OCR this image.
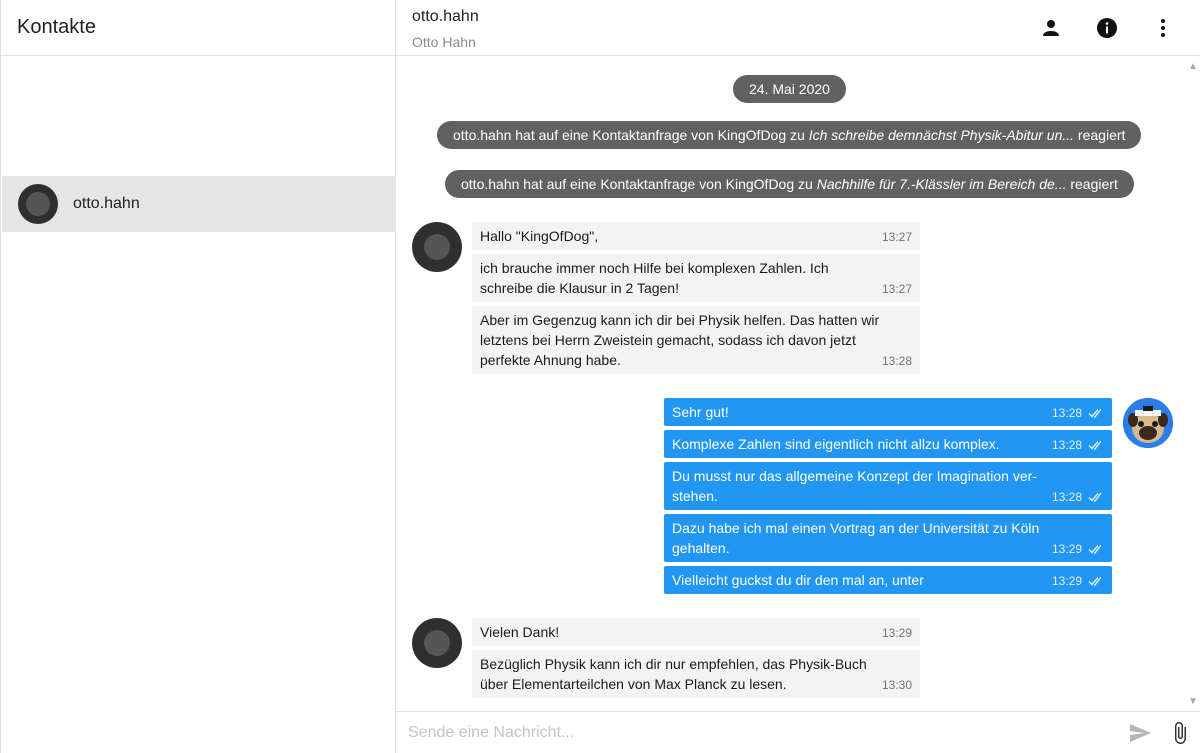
Kontakte
otto.hahn
otto.hahn
Otto Hahn
▲
▼
24. Mai 2020
otto.hahn hat auf eine Kontaktanfrage von KingOfDog zu Ich schreibe demnächst Physik-Abitur un... reagiert
otto.hahn hat auf eine Kontaktanfrage von KingOfDog zu Nachhilfe für 7.-Klässler im Bereich de... reagiert
Hallo "KingOfDog",	13:27
ich brauche immer noch Hilfe bei komplexen Zahlen. Ich schreibe die Klausur in 2 Tagen!	13:27
Aber im Gegenzug kann ich dir bei Physik helfen. Das hatten wir letztens bei Herrn Zweistein gemacht, sodass ich davon jetzt perfekte Ahnung habe.	13:28
Sehr gut!	13:28
Komplexe Zahlen sind eigentlich nicht allzu komplex.	13:28
Du musst nur das allgemeine Konzept der Imagination ver-stehen.	13:28
Dazu habe ich mal einen Vortrag an der Universität zu Köln gehalten.	13:29
Vielleicht guckst du dir den mal an, unter	13:29
Vielen Dank!	13:29
Bezüglich Physik kann ich dir nur empfehlen, das Physik-Buch über Elementarteilchen von Max Planck zu lesen.	13:30
Sende eine Nachricht...
